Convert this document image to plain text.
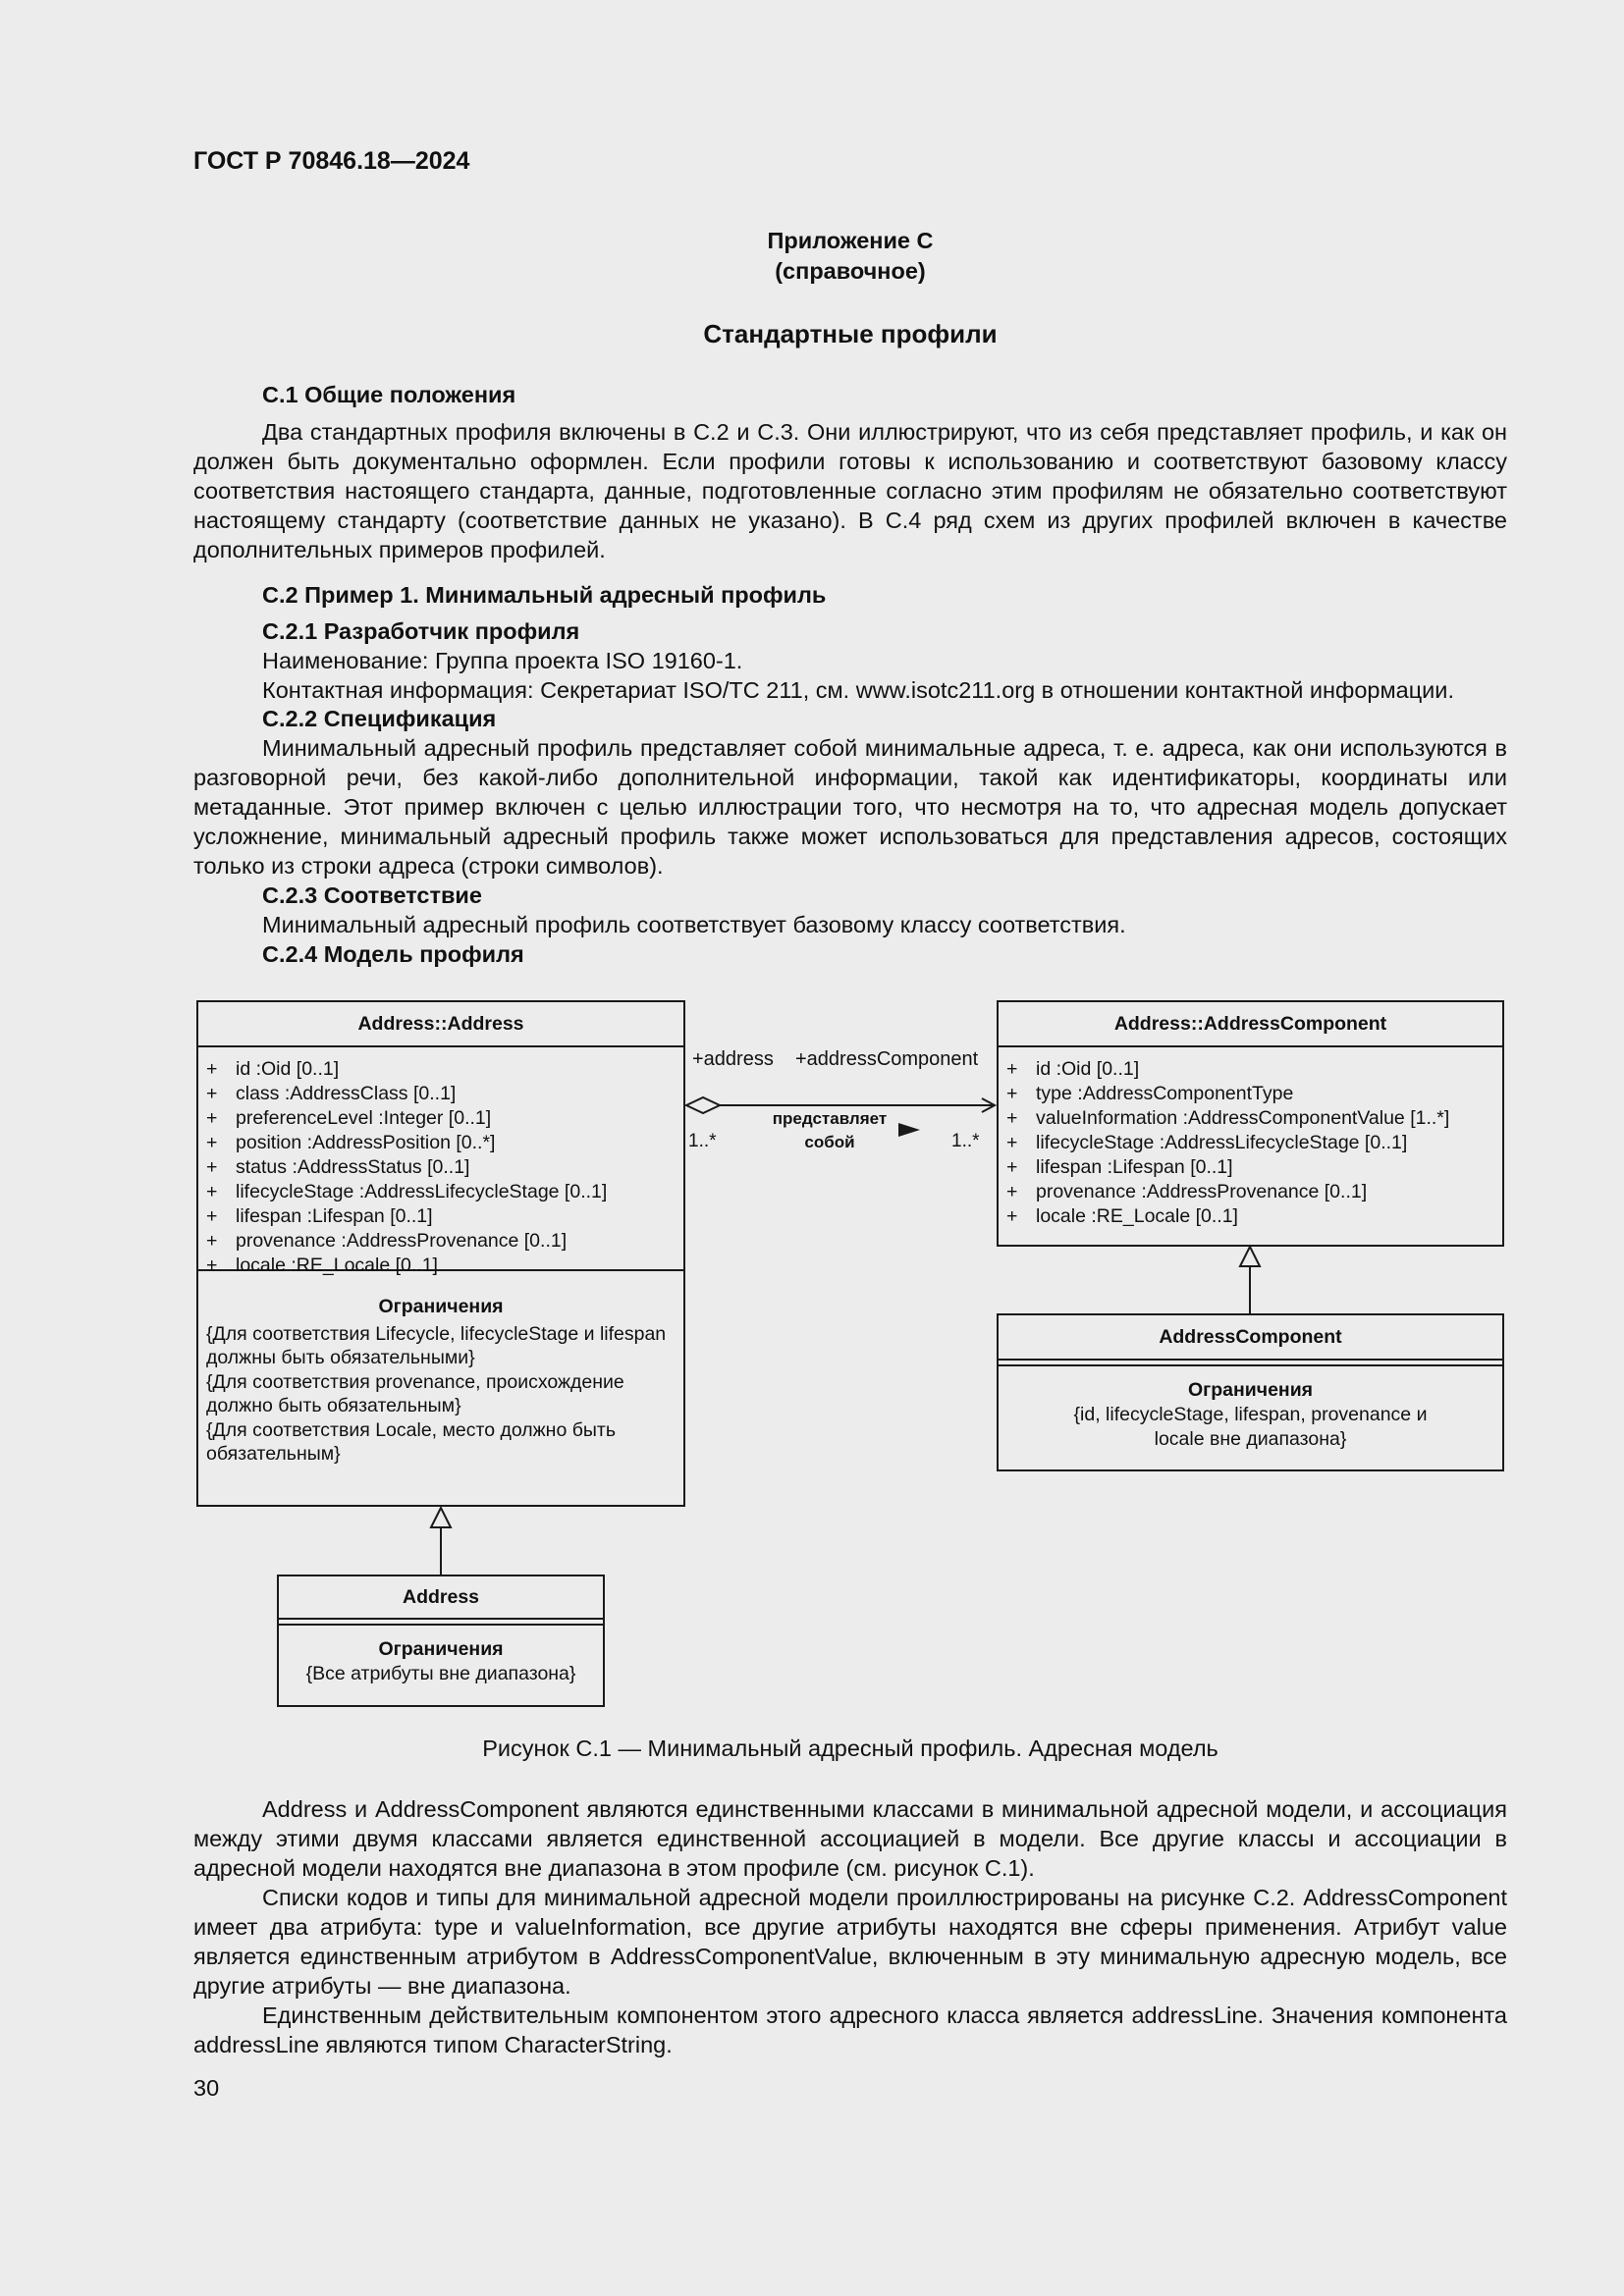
ГОСТ Р 70846.18—2024
Приложение С
(справочное)
Стандартные профили
С.1 Общие положения
Два стандартных профиля включены в С.2 и С.3. Они иллюстрируют, что из себя представляет профиль, и как он должен быть документально оформлен. Если профили готовы к использованию и соответствуют базовому классу соответствия настоящего стандарта, данные, подготовленные согласно этим профилям не обязательно соответствуют настоящему стандарту (соответствие данных не указано). В С.4 ряд схем из других профилей включен в качестве дополнительных примеров профилей.
С.2 Пример 1. Минимальный адресный профиль
С.2.1 Разработчик профиля
Наименование: Группа проекта ISO 19160-1.
Контактная информация: Секретариат ISO/TC 211, см. www.isotc211.org в отношении контактной информации.
С.2.2 Спецификация
Минимальный адресный профиль представляет собой минимальные адреса, т. е. адреса, как они используются в разговорной речи, без какой-либо дополнительной информации, такой как идентификаторы, координаты или метаданные. Этот пример включен с целью иллюстрации того, что несмотря на то, что адресная модель допускает усложнение, минимальный адресный профиль также может использоваться для представления адресов, состоящих только из строки адреса (строки символов).
С.2.3 Соответствие
Минимальный адресный профиль соответствует базовому классу соответствия.
С.2.4 Модель профиля
Address::Address
+ id :Oid [0..1]
+ class :AddressClass [0..1]
+ preferenceLevel :Integer [0..1]
+ position :AddressPosition [0..*]
+ status :AddressStatus [0..1]
+ lifecycleStage :AddressLifecycleStage [0..1]
+ lifespan :Lifespan [0..1]
+ provenance :AddressProvenance [0..1]
+ locale :RE_Locale [0..1]
Ограничения
{Для соответствия Lifecycle, lifecycleStage и lifespan должны быть обязательными}
{Для соответствия provenance, происхождение должно быть обязательным}
{Для соответствия Locale, место должно быть обязательным}
Address::AddressComponent
+ id :Oid [0..1]
+ type :AddressComponentType
+ valueInformation :AddressComponentValue [1..*]
+ lifecycleStage :AddressLifecycleStage [0..1]
+ lifespan :Lifespan [0..1]
+ provenance :AddressProvenance [0..1]
+ locale :RE_Locale [0..1]
AddressComponent
Ограничения
{id, lifecycleStage, lifespan, provenance и
locale вне диапазона}
Address
Ограничения
{Все атрибуты вне диапазона}
+address +addressComponent
1..*	1..*
представляет
собой
Рисунок С.1 — Минимальный адресный профиль. Адресная модель
Address и AddressComponent являются единственными классами в минимальной адресной модели, и ассоциация между этими двумя классами является единственной ассоциацией в модели. Все другие классы и ассоциации в адресной модели находятся вне диапазона в этом профиле (см. рисунок С.1).
Списки кодов и типы для минимальной адресной модели проиллюстрированы на рисунке С.2. AddressComponent имеет два атрибута: type и valueInformation, все другие атрибуты находятся вне сферы применения. Атрибут value является единственным атрибутом в AddressComponentValue, включенным в эту минимальную адресную модель, все другие атрибуты — вне диапазона.
Единственным действительным компонентом этого адресного класса является addressLine. Значения компонента addressLine являются типом CharacterString.
30
